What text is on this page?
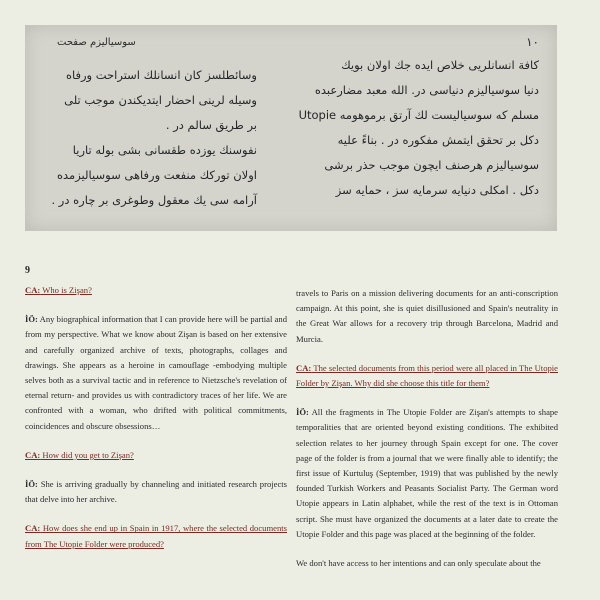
١٠
سوسياليزم صفحت
كافة انسانلريى خلاص ايده جك اولان بويك
دنيا سوسياليزم دنياسى در. الله معبد مضارعبده
مسلم كه سوسياليست لك آرتق برموهومه Utopie
دكل بر تحقق ايتمش مفكوره در . بناءً عليه
سوسياليزم هرصنف ايچون موجب حذر برشى
دكل . امكلى دنيايه سرمايه سز ، حمايه سز
وسائطلسز كان انسانلك استراحت ورفاه
وسيله لرينى احضار ايتديكندن موجب تلى
بر طريق سالم در .
نفوسنك يوزده طقسانى بشى بوله تاريا
اولان توركك منفعت ورفاهى سوسياليزمده
آرامه سى يك معقول وطوغرى بر چاره در .
9

CA: Who is Zişan?

İÖ: Any biographical information that I can provide here will be partial and from my perspective. What we know about Zişan is based on her extensive and carefully organized archive of texts, photographs, collages and drawings. She appears as a heroine in camouflage -embodying multiple selves both as a survival tactic and in reference to Nietzsche's revelation of eternal return- and provides us with contradictory traces of her life. We are confronted with a woman, who drifted with political commitments, coincidences and obscure obsessions…

CA: How did you get to Zişan?

İÖ: She is arriving gradually by channeling and initiated research projects that delve into her archive.

CA: How does she end up in Spain in 1917, where the selected documents from The Utopie Folder were produced?

travels to Paris on a mission delivering documents for an anti-conscription campaign. At this point, she is quiet disillusioned and Spain's neutrality in the Great War allows for a recovery trip through Barcelona, Madrid and Murcia.

CA: The selected documents from this period were all placed in The Utopie Folder by Zişan. Why did she choose this title for them?

İÖ: All the fragments in The Utopie Folder are Zişan's attempts to shape temporalities that are oriented beyond existing conditions. The exhibited selection relates to her journey through Spain except for one. The cover page of the folder is from a journal that we were finally able to identify; the first issue of Kurtuluş (September, 1919) that was published by the newly founded Turkish Workers and Peasants Socialist Party. The German word Utopie appears in Latin alphabet, while the rest of the text is in Ottoman script. She must have organized the documents at a later date to create the Utopie Folder and this page was placed at the beginning of the folder.

We don't have access to her intentions and can only speculate about the
